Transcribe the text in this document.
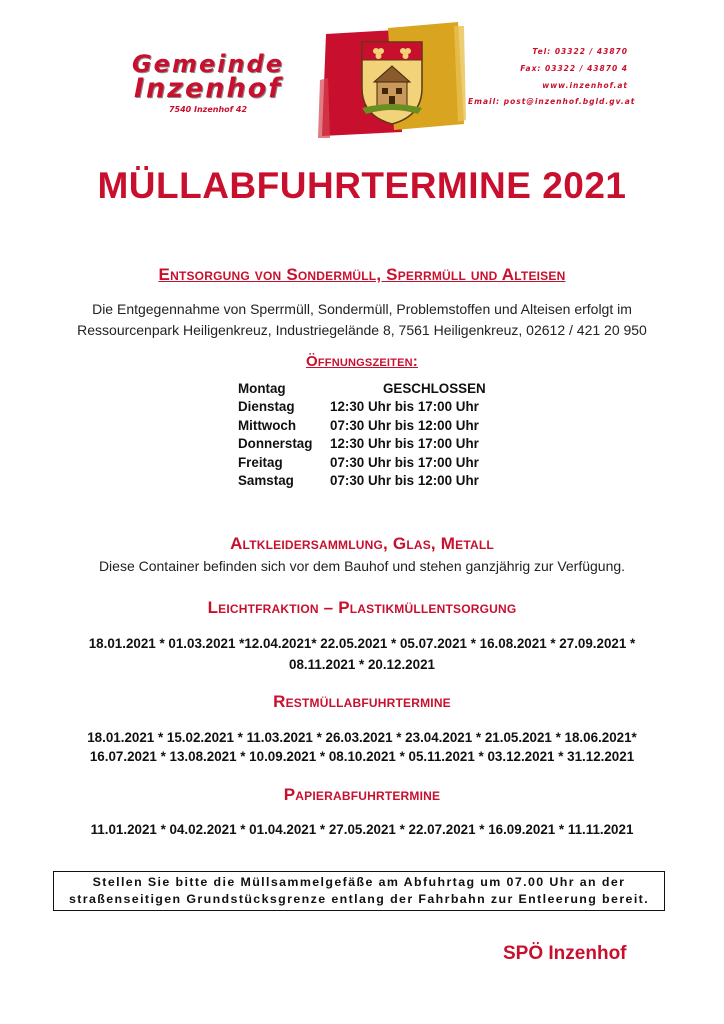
Gemeinde
Inzenhof
7540 Inzenhof 42
Tel: 03322 / 43870
Fax: 03322 / 43870 4
www.inzenhof.at
Email: post@inzenhof.bgld.gv.at
MÜLLABFUHRTERMINE 2021
Entsorgung von Sondermüll, Sperrmüll und Alteisen
Die Entgegennahme von Sperrmüll, Sondermüll, Problemstoffen und Alteisen erfolgt im
Ressourcenpark Heiligenkreuz, Industriegelände 8, 7561 Heiligenkreuz, 02612 / 421 20 950
Öffnungszeiten:
Montag	GESCHLOSSEN
Dienstag	12:30 Uhr bis 17:00 Uhr
Mittwoch	07:30 Uhr bis 12:00 Uhr
Donnerstag	12:30 Uhr bis 17:00 Uhr
Freitag	07:30 Uhr bis 17:00 Uhr
Samstag	07:30 Uhr bis 12:00 Uhr
Altkleidersammlung, Glas, Metall
Diese Container befinden sich vor dem Bauhof und stehen ganzjährig zur Verfügung.
Leichtfraktion – Plastikmüllentsorgung
18.01.2021 * 01.03.2021 *12.04.2021* 22.05.2021 * 05.07.2021 * 16.08.2021 * 27.09.2021 *
08.11.2021 * 20.12.2021
Restmüllabfuhrtermine
18.01.2021 * 15.02.2021 * 11.03.2021 * 26.03.2021 * 23.04.2021 * 21.05.2021 * 18.06.2021*
16.07.2021 * 13.08.2021 * 10.09.2021 * 08.10.2021 * 05.11.2021 * 03.12.2021 * 31.12.2021
Papierabfuhrtermine
11.01.2021 * 04.02.2021 * 01.04.2021 * 27.05.2021 * 22.07.2021 * 16.09.2021 * 11.11.2021
Stellen Sie bitte die Müllsammelgefäße am Abfuhrtag um 07.00 Uhr an der
straßenseitigen Grundstücksgrenze entlang der Fahrbahn zur Entleerung bereit.
SPÖ Inzenhof
